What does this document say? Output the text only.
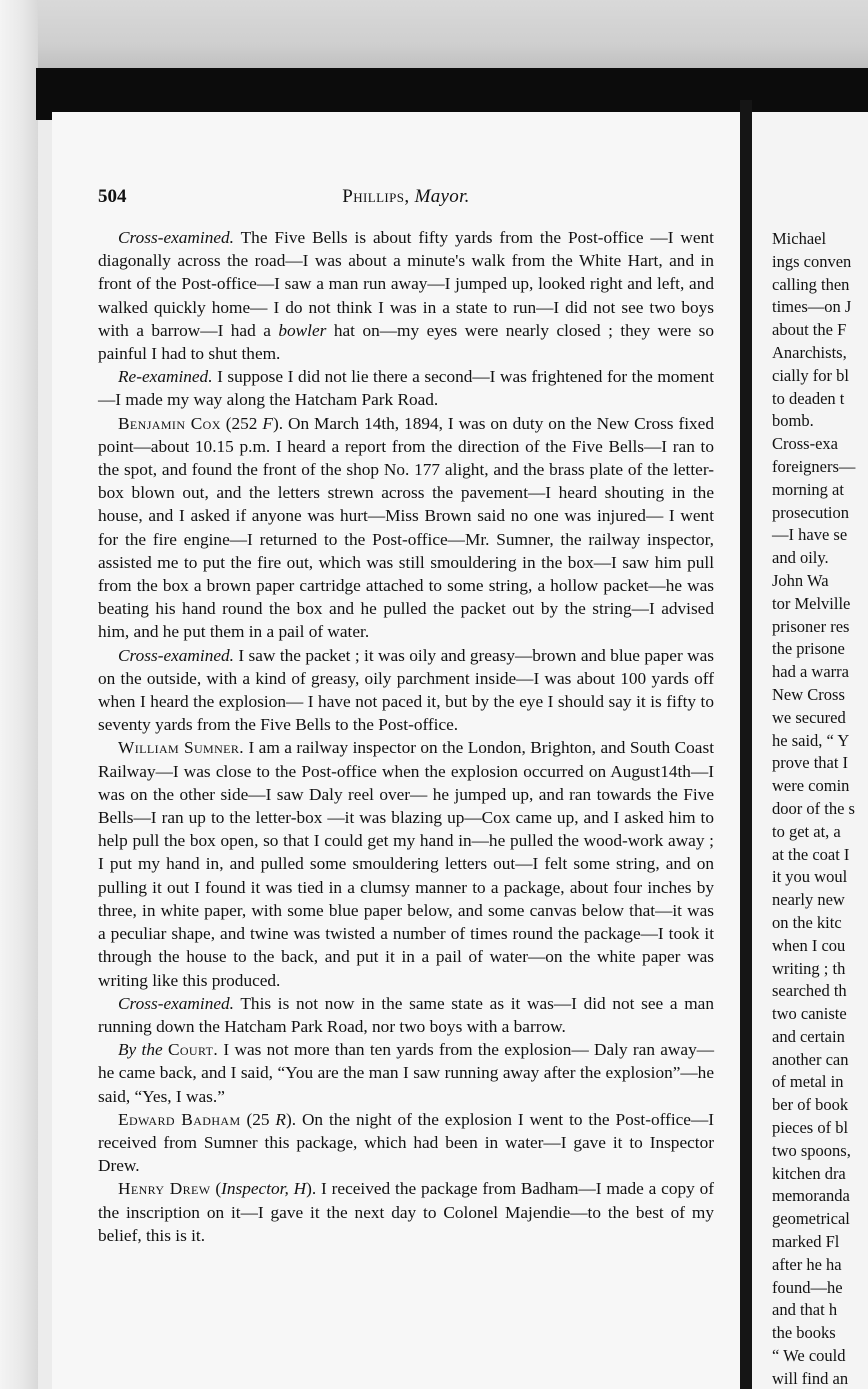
Michael
ings conven
calling then
times—on J
about the F
Anarchists,
cially for bl
to deaden t
bomb.
Cross-exa
foreigners—
morning at
prosecution
—I have se
and oily.
John Wa
tor Melville
prisoner res
the prisone
had a warra
New Cross
we secured
he said, “ Y
prove that I
were comin
door of the s
to get at, a
at the coat I
it you woul
nearly new
on the kitc
when I cou
writing ; th
searched th
two caniste
and certain
another can
of metal in
ber of book
pieces of bl
two spoons,
kitchen dra
memoranda
geometrical
marked Fl
after he ha
found—he
and that h
the books
“ We could
will find an
504	Phillips, Mayor.

Cross-examined. The Five Bells is about fifty yards from the Post-office —I went diagonally across the road—I was about a minute's walk from the White Hart, and in front of the Post-office—I saw a man run away—I jumped up, looked right and left, and walked quickly home— I do not think I was in a state to run—I did not see two boys with a barrow—I had a bowler hat on—my eyes were nearly closed ; they were so painful I had to shut them.

Re-examined. I suppose I did not lie there a second—I was frightened for the moment—I made my way along the Hatcham Park Road.

Benjamin Cox (252 F). On March 14th, 1894, I was on duty on the New Cross fixed point—about 10.15 p.m. I heard a report from the direction of the Five Bells—I ran to the spot, and found the front of the shop No. 177 alight, and the brass plate of the letter-box blown out, and the letters strewn across the pavement—I heard shouting in the house, and I asked if anyone was hurt—Miss Brown said no one was injured— I went for the fire engine—I returned to the Post-office—Mr. Sumner, the railway inspector, assisted me to put the fire out, which was still smouldering in the box—I saw him pull from the box a brown paper cartridge attached to some string, a hollow packet—he was beating his hand round the box and he pulled the packet out by the string—I advised him, and he put them in a pail of water.

Cross-examined. I saw the packet ; it was oily and greasy—brown and blue paper was on the outside, with a kind of greasy, oily parchment inside—I was about 100 yards off when I heard the explosion— I have not paced it, but by the eye I should say it is fifty to seventy yards from the Five Bells to the Post-office.

William Sumner. I am a railway inspector on the London, Brighton, and South Coast Railway—I was close to the Post-office when the explosion occurred on August14th—I was on the other side—I saw Daly reel over— he jumped up, and ran towards the Five Bells—I ran up to the letter-box —it was blazing up—Cox came up, and I asked him to help pull the box open, so that I could get my hand in—he pulled the wood-work away ; I put my hand in, and pulled some smouldering letters out—I felt some string, and on pulling it out I found it was tied in a clumsy manner to a package, about four inches by three, in white paper, with some blue paper below, and some canvas below that—it was a peculiar shape, and twine was twisted a number of times round the package—I took it through the house to the back, and put it in a pail of water—on the white paper was writing like this produced.

Cross-examined. This is not now in the same state as it was—I did not see a man running down the Hatcham Park Road, nor two boys with a barrow.

By the Court. I was not more than ten yards from the explosion— Daly ran away—he came back, and I said, “You are the man I saw running away after the explosion”—he said, “Yes, I was.”

Edward Badham (25 R). On the night of the explosion I went to the Post-office—I received from Sumner this package, which had been in water—I gave it to Inspector Drew.

Henry Drew (Inspector, H). I received the package from Badham—I made a copy of the inscription on it—I gave it the next day to Colonel Majendie—to the best of my belief, this is it.
